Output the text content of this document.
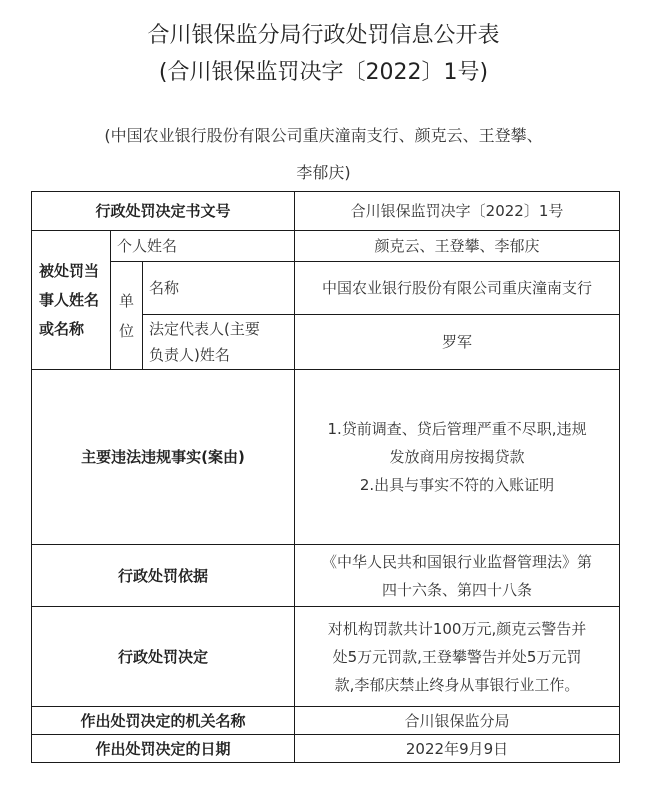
合川银保监分局行政处罚信息公开表
(合川银保监罚决字〔2022〕1号)
(中国农业银行股份有限公司重庆潼南支行、颜克云、王登攀、
李郁庆)
行政处罚决定书文号			合川银保监罚决字〔2022〕1号

被处罚当
事人姓名
或名称	个人姓名		颜克云、王登攀、李郁庆

	单
位	名称	中国农业银行股份有限公司重庆潼南支行

		法定代表人(主要
负责人)姓名	罗军
主要违法违规事实(案由)			1.贷前调查、贷后管理严重不尽职,违规
发放商用房按揭贷款
2.出具与事实不符的入账证明

行政处罚依据			《中华人民共和国银行业监督管理法》第
四十六条、第四十八条

行政处罚决定			对机构罚款共计100万元,颜克云警告并
处5万元罚款,王登攀警告并处5万元罚
款,李郁庆禁止终身从事银行业工作。

作出处罚决定的机关名称			合川银保监分局
作出处罚决定的日期			2022年9月9日
